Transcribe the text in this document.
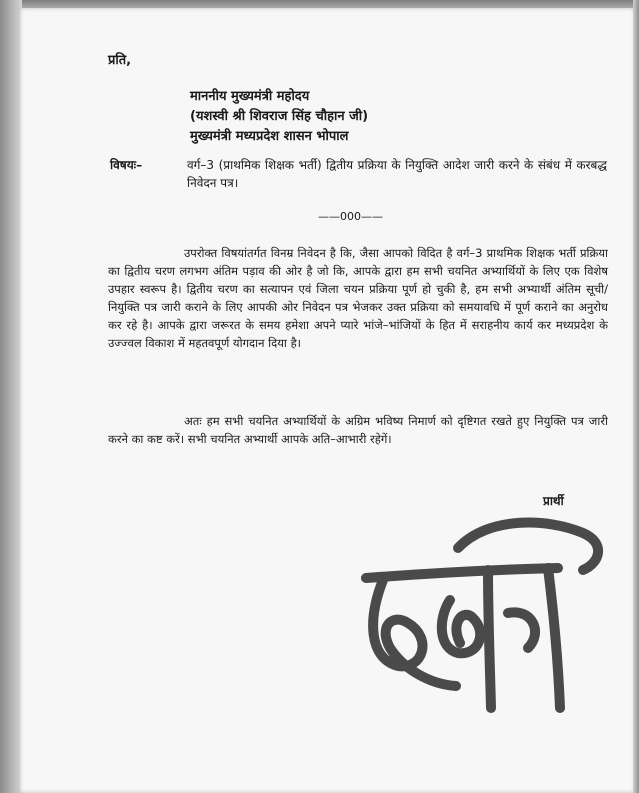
प्रति,
माननीय मुख्यमंत्री महोदय
(यशस्वी श्री शिवराज सिंह चौहान जी)
मुख्यमंत्री मध्यप्रदेश शासन भोपाल
विषयः–	वर्ग–3 (प्राथमिक शिक्षक भर्ती) द्वितीय प्रक्रिया के नियुक्ति आदेश जारी करने के संबंध में करबद्ध निवेदन पत्र।
——000——
उपरोक्त विषयांतर्गत विनम्र निवेदन है कि, जैसा आपको विदित है वर्ग–3 प्राथमिक शिक्षक भर्ती प्रक्रिया का द्वितीय चरण लगभग अंतिम पड़ाव की ओर है जो कि, आपके द्वारा हम सभी चयनित अभ्यार्थियों के लिए एक विशेष उपहार स्वरूप है। द्वितीय चरण का सत्यापन एवं जिला चयन प्रक्रिया पूर्ण हो चुकी है, हम सभी अभ्यार्थी अंतिम सूची/नियुक्ति पत्र जारी कराने के लिए आपकी ओर निवेदन पत्र भेजकर उक्त प्रक्रिया को समयावधि में पूर्ण कराने का अनुरोध कर रहे है। आपके द्वारा जरूरत के समय हमेशा अपने प्यारे भांजे–भांजियों के हित में सराहनीय कार्य कर मध्यप्रदेश के उज्ज्वल विकाश में महतवपूर्ण योगदान दिया है।
अतः हम सभी चयनित अभ्यार्थियों के अग्रिम भविष्य निमार्ण को दृष्टिगत रखते हुए नियुक्ति पत्र जारी करने का कष्ट करें। सभी चयनित अभ्यार्थी आपके अति–आभारी रहेगें।
प्रार्थी
· · ·
